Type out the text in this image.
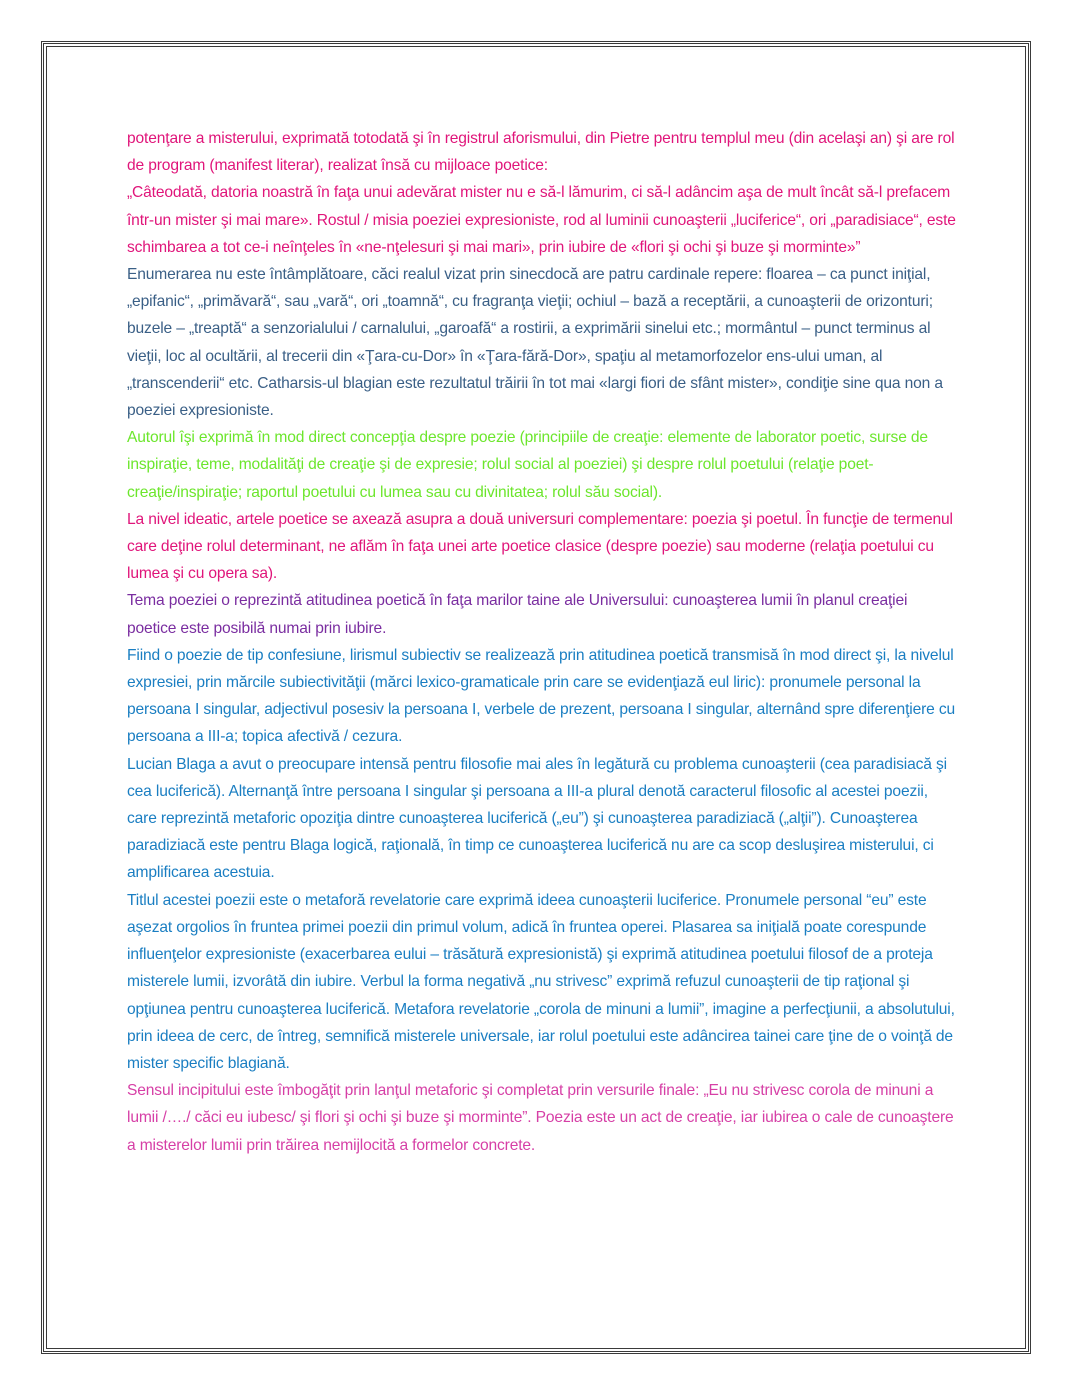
potenţare a misterului, exprimată totodată şi în registrul aforismului, din Pietre pentru templul meu (din acelaşi an) şi are rol de program (manifest literar), realizat însă cu mijloace poetice:

„Câteodată, datoria noastră în faţa unui adevărat mister nu e să-l lămurim, ci să-l adâncim aşa de mult încât să-l prefacem într-un mister şi mai mare». Rostul / misia poeziei expresioniste, rod al luminii cunoaşterii „luciferice“, ori „paradisiace“, este schimbarea a tot ce-i neînţeles în «ne-nţelesuri şi mai mari», prin iubire de «flori şi ochi şi buze şi morminte»”

Enumerarea nu este întâmplătoare, căci realul vizat prin sinecdocă are patru cardinale repere: floarea – ca punct iniţial, „epifanic“, „primăvară“, sau „vară“, ori „toamnă“, cu fragranţa vieţii; ochiul – bază a receptării, a cunoaşterii de orizonturi; buzele – „treaptă“ a senzorialului / carnalului, „garoafă“ a rostirii, a exprimării sinelui etc.; mormântul – punct terminus al vieţii, loc al ocultării, al trecerii din «Ţara-cu-Dor» în «Ţara-fără-Dor», spaţiu al metamorfozelor ens-ului uman, al „transcenderii“ etc. Catharsis-ul blagian este rezultatul trăirii în tot mai «largi fiori de sfânt mister», condiţie sine qua non a poeziei expresioniste.

Autorul îşi exprimă în mod direct concepţia despre poezie (principiile de creaţie: elemente de laborator poetic, surse de inspiraţie, teme, modalităţi de creaţie şi de expresie; rolul social al poeziei) şi despre rolul poetului (relaţie poet-creaţie/inspiraţie; raportul poetului cu lumea sau cu divinitatea; rolul său social).

La nivel ideatic, artele poetice se axează asupra a două universuri complementare: poezia şi poetul. În funcţie de termenul care deţine rolul determinant, ne aflăm în faţa unei arte poetice clasice (despre poezie) sau moderne (relaţia poetului cu lumea şi cu opera sa).

Tema poeziei o reprezintă atitudinea poetică în faţa marilor taine ale Universului: cunoaşterea lumii în planul creaţiei poetice este posibilă numai prin iubire.

Fiind o poezie de tip confesiune, lirismul subiectiv se realizează prin atitudinea poetică transmisă în mod direct şi, la nivelul expresiei, prin mărcile subiectivităţii (mărci lexico-gramaticale prin care se evidenţiază eul liric): pronumele personal la persoana I singular, adjectivul posesiv la persoana I, verbele de prezent, persoana I singular, alternând spre diferenţiere cu persoana a III-a; topica afectivă / cezura.

Lucian Blaga a avut o preocupare intensă pentru filosofie mai ales în legătură cu problema cunoaşterii (cea paradisiacă şi cea luciferică). Alternanţă între persoana I singular şi persoana a III-a plural denotă caracterul filosofic al acestei poezii, care reprezintă metaforic opoziţia dintre cunoaşterea luciferică („eu”) şi cunoaşterea paradiziacă („alţii”). Cunoaşterea paradiziacă este pentru Blaga logică, raţională, în timp ce cunoaşterea luciferică nu are ca scop desluşirea misterului, ci amplificarea acestuia.

Titlul acestei poezii este o metaforă revelatorie care exprimă ideea cunoaşterii luciferice. Pronumele personal “eu” este aşezat orgolios în fruntea primei poezii din primul volum, adică în fruntea operei. Plasarea sa iniţială poate corespunde influenţelor expresioniste (exacerbarea eului – trăsătură expresionistă) şi exprimă atitudinea poetului filosof de a proteja misterele lumii, izvorâtă din iubire. Verbul la forma negativă „nu strivesc” exprimă refuzul cunoaşterii de tip raţional şi opţiunea pentru cunoaşterea luciferică. Metafora revelatorie „corola de minuni a lumii”, imagine a perfecţiunii, a absolutului, prin ideea de cerc, de întreg, semnifică misterele universale, iar rolul poetului este adâncirea tainei care ţine de o voinţă de mister specific blagiană.

Sensul incipitului este îmbogăţit prin lanţul metaforic şi completat prin versurile finale: „Eu nu strivesc corola de minuni a lumii /…./ căci eu iubesc/ şi flori şi ochi şi buze şi morminte”. Poezia este un act de creaţie, iar iubirea o cale de cunoaştere a misterelor lumii prin trăirea nemijlocită a formelor concrete.
